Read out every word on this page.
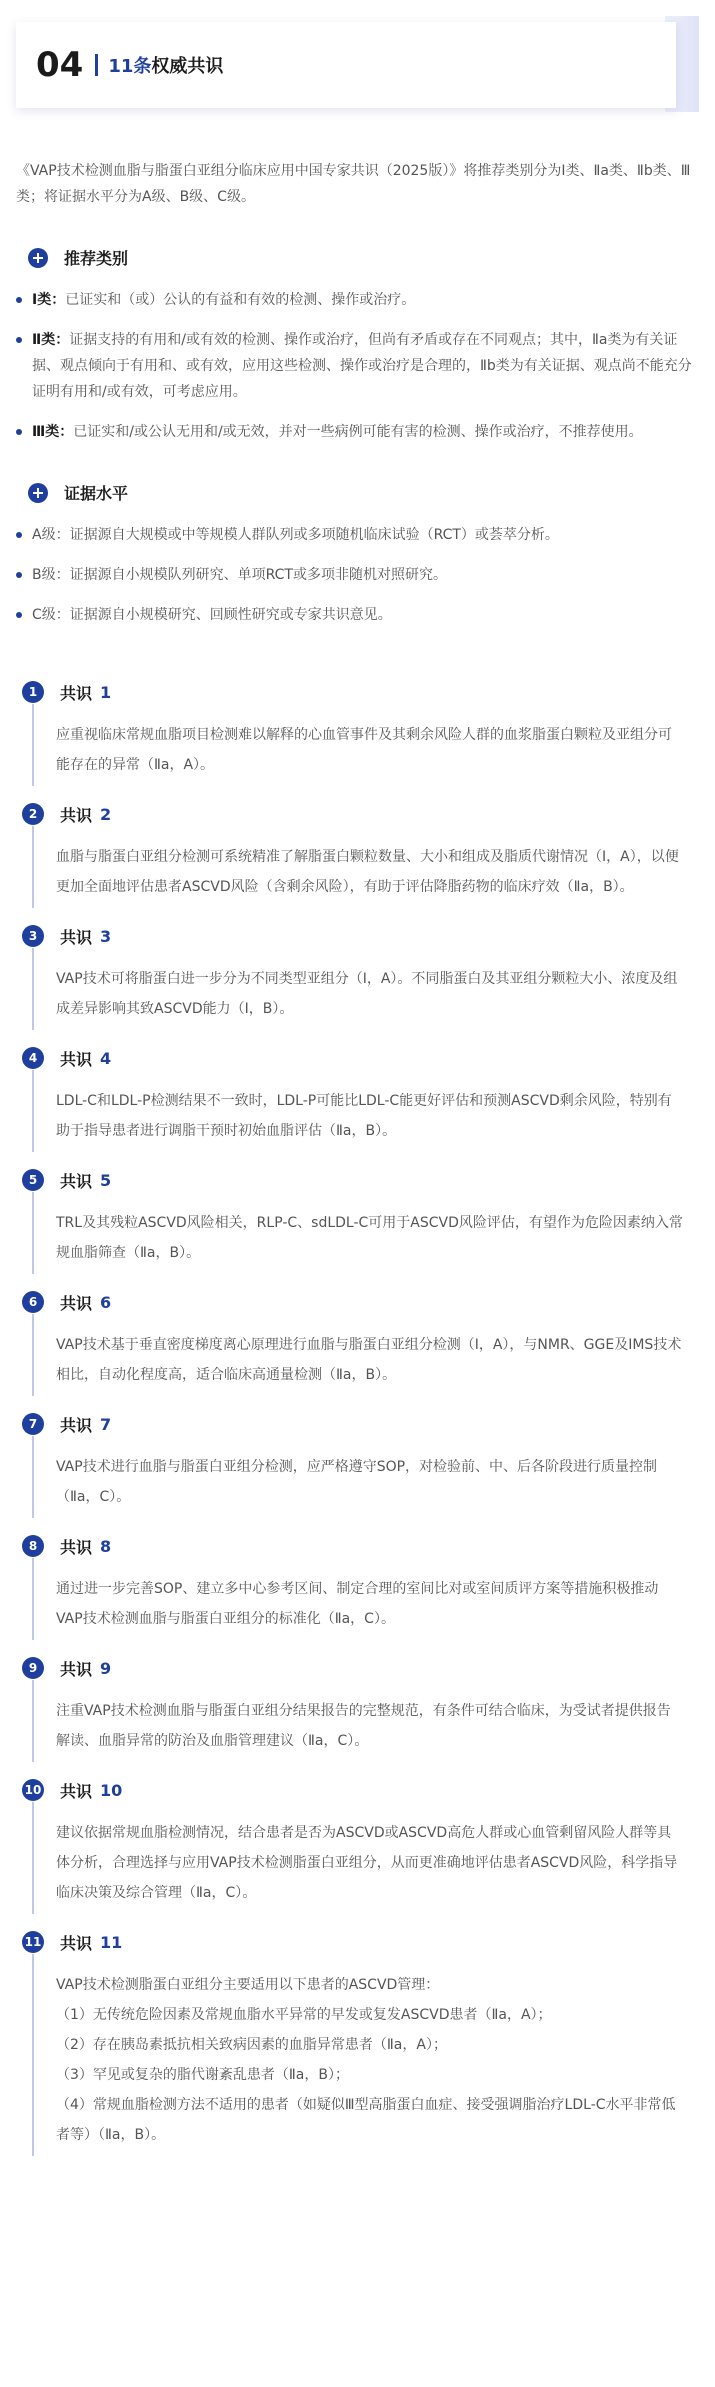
04 11条 权威共识

《VAP技术检测血脂与脂蛋白亚组分临床应用中国专家共识（2025版）》将推荐类别分为Ⅰ类、Ⅱa类、Ⅱb类、Ⅲ类；将证据水平分为A级、B级、C级。

推荐类别
Ⅰ类：已证实和（或）公认的有益和有效的检测、操作或治疗。
Ⅱ类：证据支持的有用和/或有效的检测、操作或治疗，但尚有矛盾或存在不同观点；其中，Ⅱa类为有关证据、观点倾向于有用和、或有效，应用这些检测、操作或治疗是合理的，Ⅱb类为有关证据、观点尚不能充分证明有用和/或有效，可考虑应用。
Ⅲ类：已证实和/或公认无用和/或无效，并对一些病例可能有害的检测、操作或治疗，不推荐使用。
证据水平
A级：证据源自大规模或中等规模人群队列或多项随机临床试验（RCT）或荟萃分析。
B级：证据源自小规模队列研究、单项RCT或多项非随机对照研究。
C级：证据源自小规模研究、回顾性研究或专家共识意见。
1	共识 1
应重视临床常规血脂项目检测难以解释的心血管事件及其剩余风险人群的血浆脂蛋白颗粒及亚组分可能存在的异常（Ⅱa，A）。
2	共识 2
血脂与脂蛋白亚组分检测可系统精准了解脂蛋白颗粒数量、大小和组成及脂质代谢情况（Ⅰ，A），以便更加全面地评估患者ASCVD风险（含剩余风险），有助于评估降脂药物的临床疗效（Ⅱa，B）。
3	共识 3
VAP技术可将脂蛋白进一步分为不同类型亚组分（Ⅰ，A）。不同脂蛋白及其亚组分颗粒大小、浓度及组成差异影响其致ASCVD能力（Ⅰ，B）。
4	共识 4
LDL-C和LDL-P检测结果不一致时，LDL-P可能比LDL-C能更好评估和预测ASCVD剩余风险，特别有助于指导患者进行调脂干预时初始血脂评估（Ⅱa，B）。
5	共识 5
TRL及其残粒ASCVD风险相关，RLP-C、sdLDL-C可用于ASCVD风险评估，有望作为危险因素纳入常规血脂筛查（Ⅱa，B）。
6	共识 6
VAP技术基于垂直密度梯度离心原理进行血脂与脂蛋白亚组分检测（Ⅰ，A），与NMR、GGE及IMS技术相比，自动化程度高，适合临床高通量检测（Ⅱa，B）。
7	共识 7
VAP技术进行血脂与脂蛋白亚组分检测，应严格遵守SOP，对检验前、中、后各阶段进行质量控制（Ⅱa，C）。
8	共识 8
通过进一步完善SOP、建立多中心参考区间、制定合理的室间比对或室间质评方案等措施积极推动VAP技术检测血脂与脂蛋白亚组分的标准化（Ⅱa，C）。
9	共识 9
注重VAP技术检测血脂与脂蛋白亚组分结果报告的完整规范，有条件可结合临床，为受试者提供报告解读、血脂异常的防治及血脂管理建议（Ⅱa，C）。
10 共识 10
建议依据常规血脂检测情况，结合患者是否为ASCVD或ASCVD高危人群或心血管剩留风险人群等具体分析，合理选择与应用VAP技术检测脂蛋白亚组分，从而更准确地评估患者ASCVD风险，科学指导临床决策及综合管理（Ⅱa，C）。
11 共识 11
VAP技术检测脂蛋白亚组分主要适用以下患者的ASCVD管理：
（1）无传统危险因素及常规血脂水平异常的早发或复发ASCVD患者（Ⅱa，A）；
（2）存在胰岛素抵抗相关致病因素的血脂异常患者（Ⅱa，A）；
（3）罕见或复杂的脂代谢紊乱患者（Ⅱa，B）；
（4）常规血脂检测方法不适用的患者（如疑似Ⅲ型高脂蛋白血症、接受强调脂治疗LDL-C水平非常低者等）（Ⅱa，B）。
